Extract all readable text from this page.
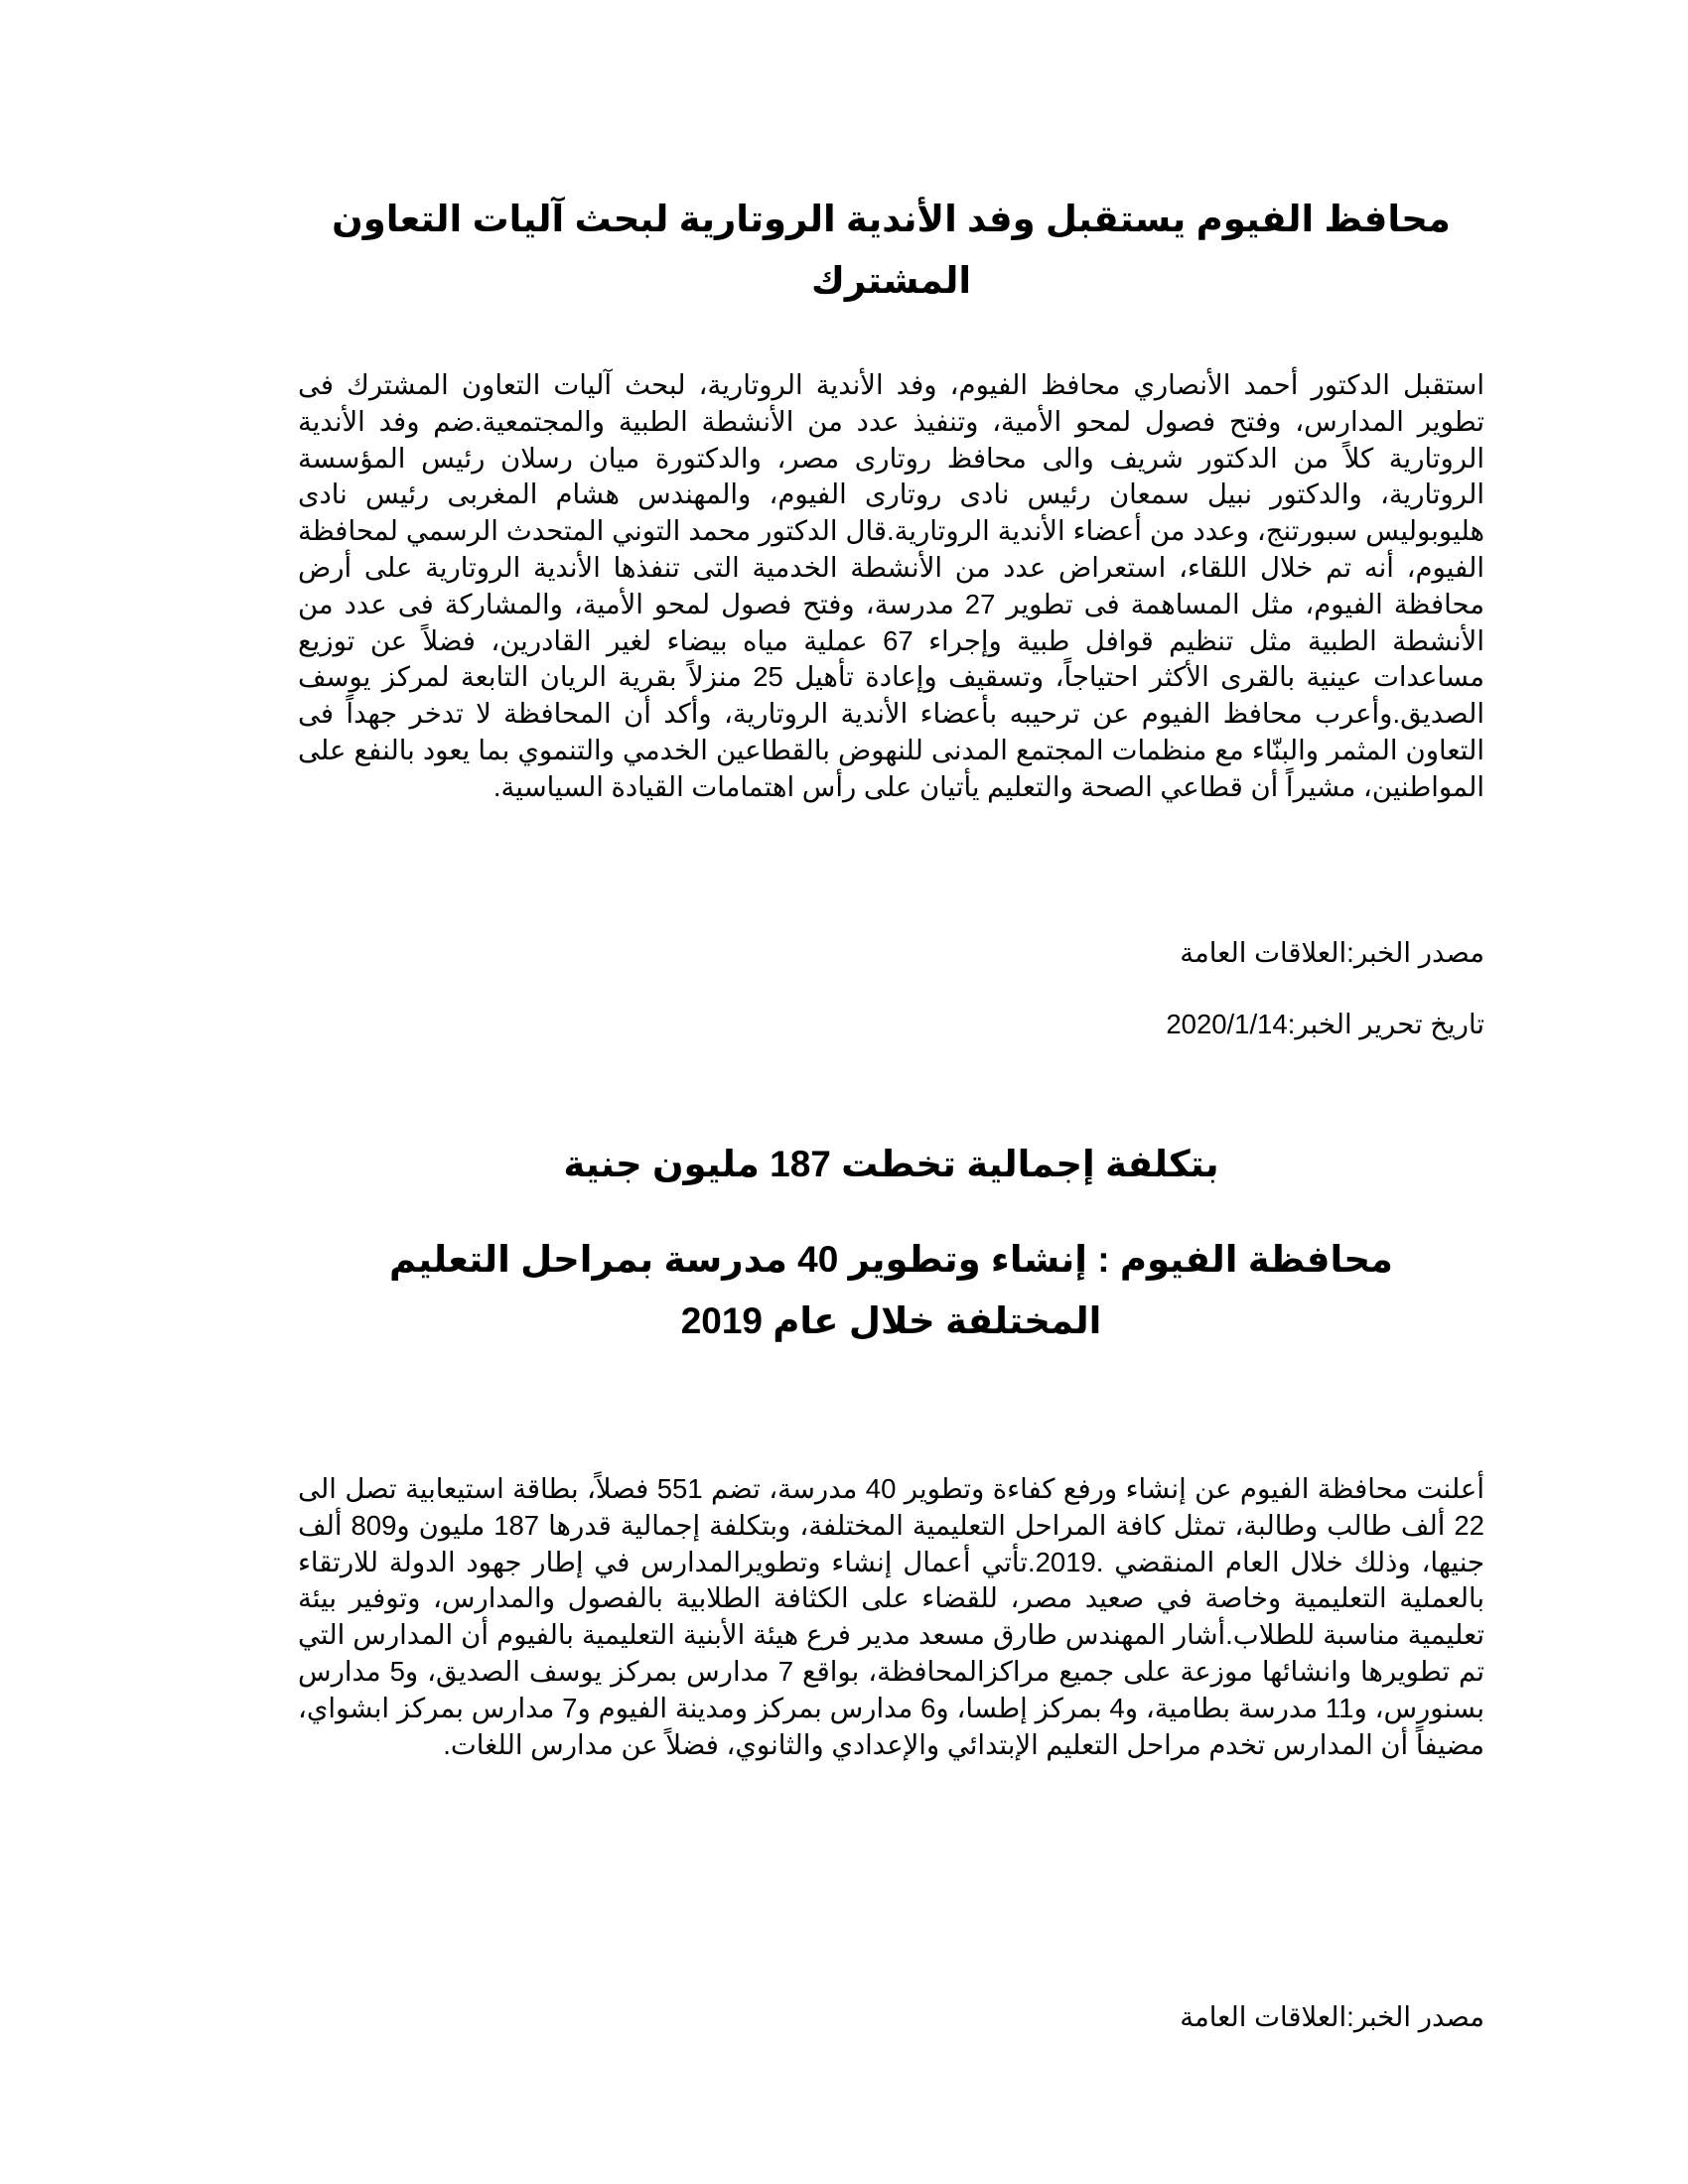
محافظ الفيوم يستقبل وفد الأندية الروتارية لبحث آليات التعاون المشترك

استقبل الدكتور أحمد الأنصاري محافظ الفيوم، وفد الأندية الروتارية، لبحث آليات التعاون المشترك فى تطوير المدارس، وفتح فصول لمحو الأمية، وتنفيذ عدد من الأنشطة الطبية والمجتمعية.ضم وفد الأندية الروتارية كلاً من الدكتور شريف والى محافظ روتارى مصر، والدكتورة ميان رسلان رئيس المؤسسة الروتارية، والدكتور نبيل سمعان رئيس نادى روتارى الفيوم، والمهندس هشام المغربى رئيس نادى هليوبوليس سبورتنج، وعدد من أعضاء الأندية الروتارية.قال الدكتور محمد التوني المتحدث الرسمي لمحافظة الفيوم، أنه تم خلال اللقاء، استعراض عدد من الأنشطة الخدمية التى تنفذها الأندية الروتارية على أرض محافظة الفيوم، مثل المساهمة فى تطوير 27 مدرسة، وفتح فصول لمحو الأمية، والمشاركة فى عدد من الأنشطة الطبية مثل تنظيم قوافل طبية وإجراء 67 عملية مياه بيضاء لغير القادرين، فضلاً عن توزيع مساعدات عينية بالقرى الأكثر احتياجاً، وتسقيف وإعادة تأهيل 25 منزلاً بقرية الريان التابعة لمركز يوسف الصديق.وأعرب محافظ الفيوم عن ترحيبه بأعضاء الأندية الروتارية، وأكد أن المحافظة لا تدخر جهداً فى التعاون المثمر والبنّاء مع منظمات المجتمع المدنى للنهوض بالقطاعين الخدمي والتنموي بما يعود بالنفع على المواطنين، مشيراً أن قطاعي الصحة والتعليم يأتيان على رأس اهتمامات القيادة السياسية.

مصدر الخبر:العلاقات العامة

تاريخ تحرير الخبر:2020/1/14

بتكلفة إجمالية تخطت 187 مليون جنية
محافظة الفيوم : إنشاء وتطوير 40 مدرسة بمراحل التعليم المختلفة خلال عام 2019

أعلنت محافظة الفيوم عن إنشاء ورفع كفاءة وتطوير 40 مدرسة، تضم 551 فصلاً، بطاقة استيعابية تصل الى 22 ألف طالب وطالبة، تمثل كافة المراحل التعليمية المختلفة، وبتكلفة إجمالية قدرها 187 مليون و809 ألف جنيها، وذلك خلال العام المنقضي .2019.تأتي أعمال إنشاء وتطويرالمدارس في إطار جهود الدولة للارتقاء بالعملية التعليمية وخاصة في صعيد مصر، للقضاء على الكثافة الطلابية بالفصول والمدارس، وتوفير بيئة تعليمية مناسبة للطلاب.أشار المهندس طارق مسعد مدير فرع هيئة الأبنية التعليمية بالفيوم أن المدارس التي تم تطويرها وانشائها موزعة على جميع مراكزالمحافظة، بواقع 7 مدارس بمركز يوسف الصديق، و5 مدارس بسنورس، و11 مدرسة بطامية، و4 بمركز إطسا، و6 مدارس بمركز ومدينة الفيوم و7 مدارس بمركز ابشواي، مضيفاً أن المدارس تخدم مراحل التعليم الإبتدائي والإعدادي والثانوي، فضلاً عن مدارس اللغات.

مصدر الخبر:العلاقات العامة
